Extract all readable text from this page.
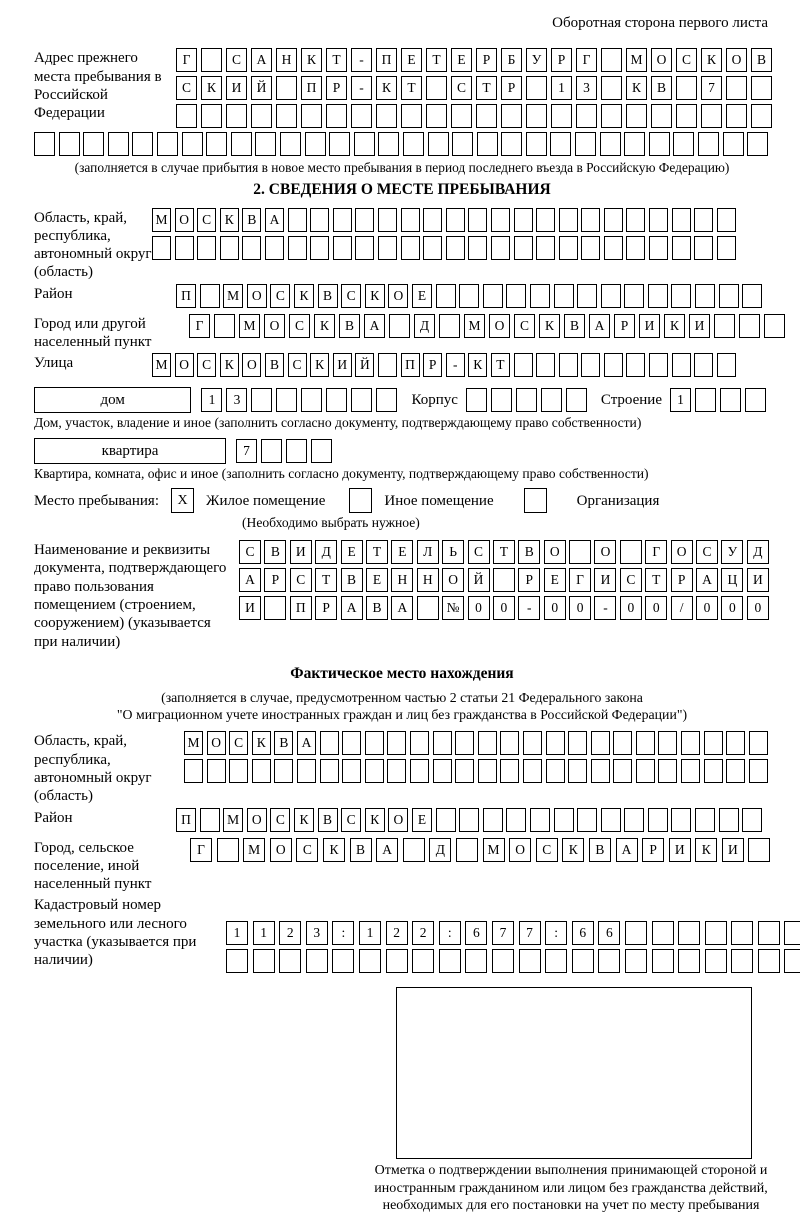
Оборотная сторона первого листа
Адрес прежнего места пребывания в Российской Федерации
Г	С	А	Н	К	Т	-	П	Е	Т	Е	Р	Б	У	Р	Г	М	О	С	К	О	В
С	К	И	Й	П	Р	-	К	Т	С	Т	Р	1	3	К	В	7
(заполняется в случае прибытия в новое место пребывания в период последнего въезда в Российскую Федерацию)
2. СВЕДЕНИЯ О МЕСТЕ ПРЕБЫВАНИЯ
Область, край, республика, автономный округ (область)
М О С	К	В А
Район	П	М О	С	К	В	С	К	О	Е
Город или другой населенный пункт
Г	М	О	С	К	В	А	Д	М	О	С	К	В	А	Р	И	К	И
Улица	М О С	К О В	С	К И Й	П	Р	-	К	Т
дом	1	3	Корпус	Строение	1
Дом, участок, владение и иное (заполнить согласно документу, подтверждающему право собственности)
квартира	7
Квартира, комната, офис и иное (заполнить согласно документу, подтверждающему право собственности)
Место пребывания:	X	Жилое помещение	Иное помещение	Организация
(Необходимо выбрать нужное)
Наименование и реквизиты документа, подтверждающего право пользования помещением (строением, сооружением) (указывается при наличии)
С	В	И	Д	Е	Т	Е	Л	Ь	С	Т	В	О	О	Г	О	С	У	Д
А	Р	С	Т	В	Е	Н	Н	О	Й	Р	Е	Г	И	С	Т	Р	А	Ц	И
И	П	Р	А	В	А	№	0	0	-	0	0	-	0	0	/	0	0	0
Фактическое место нахождения
(заполняется в случае, предусмотренном частью 2 статьи 21 Федерального закона
"О миграционном учете иностранных граждан и лиц без гражданства в Российской Федерации")
Область, край, республика, автономный округ (область)
М О С	К	В А
Район	П	М О	С	К	В	С	К	О	Е
Город, сельское поселение, иной населенный пункт
Г	М	О	С	К	В	А	Д	М	О	С	К	В	А	Р	И	К	И
Кадастровый номер земельного или лесного участка (указывается при наличии)
1	1	2	3	:	1	2	2	:	6	7	7	:	6	6
Отметка о подтверждении выполнения принимающей стороной и иностранным гражданином или лицом без гражданства действий, необходимых для его постановки на учет по месту пребывания
